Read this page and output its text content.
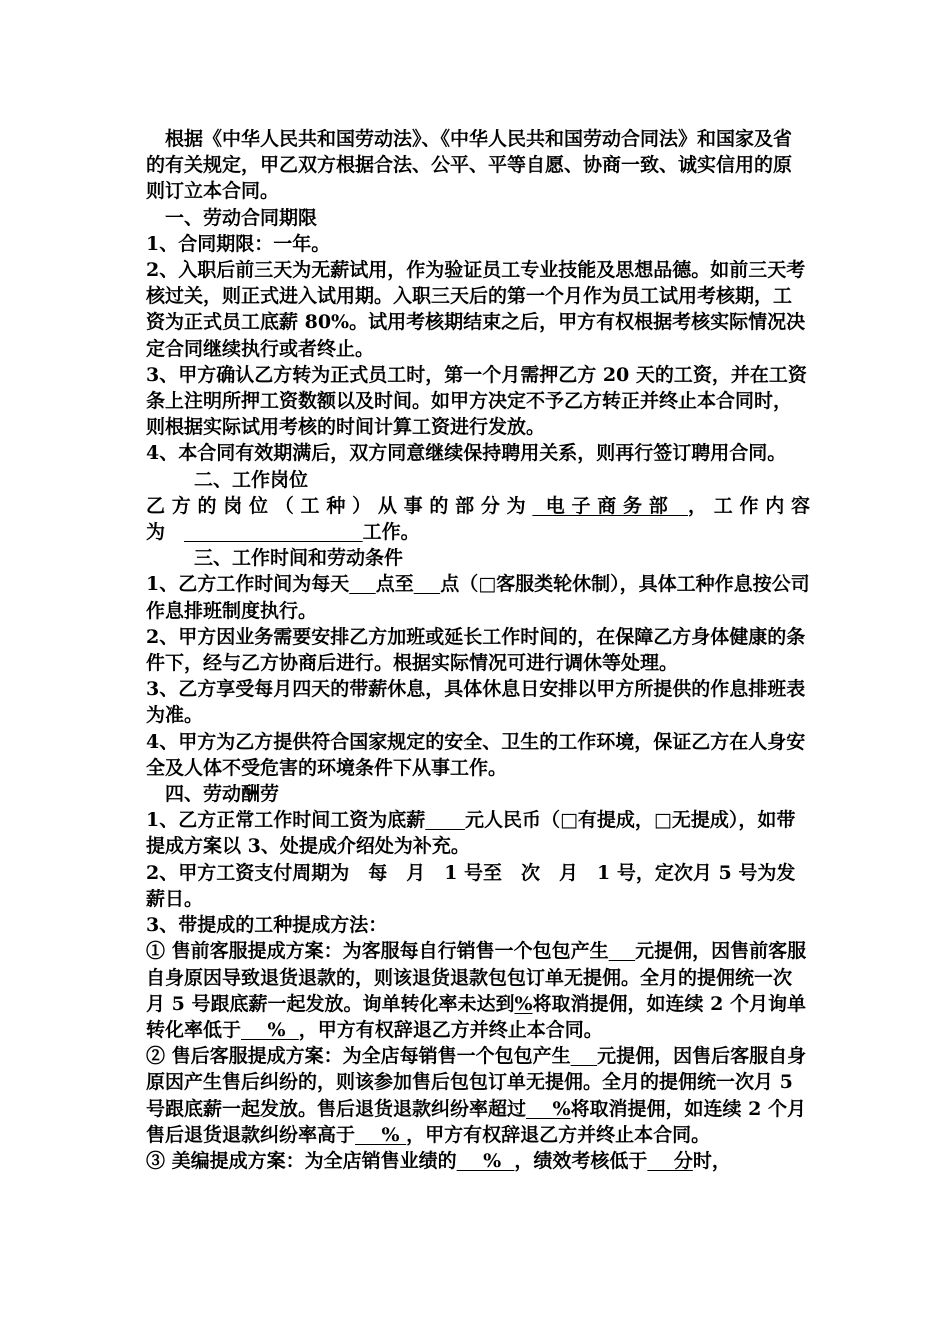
根据《中华人民共和国劳动法》、《中华人民共和国劳动合同法》和国家及省的有关规定，甲乙双方根据合法、公平、平等自愿、协商一致、诚实信用的原则订立本合同。

一、劳动合同期限

1、合同期限：一年。

2、入职后前三天为无薪试用，作为验证员工专业技能及思想品德。如前三天考核过关，则正式进入试用期。入职三天后的第一个月作为员工试用考核期，工资为正式员工底薪 80%。试用考核期结束之后，甲方有权根据考核实际情况决定合同继续执行或者终止。

3、甲方确认乙方转为正式员工时，第一个月需押乙方 20 天的工资，并在工资条上注明所押工资数额以及时间。如甲方决定不予乙方转正并终止本合同时，则根据实际试用考核的时间计算工资进行发放。

4、本合同有效期满后，双方同意继续保持聘用关系，则再行签订聘用合同。

二、工作岗位

乙方的岗位（工种）从事的部分为 电子商务部 ，工作内容

为 	工作。

三、工作时间和劳动条件

1、乙方工作时间为每天 点至 点（□客服类轮休制），具体工种作息按公司作息排班制度执行。

2、甲方因业务需要安排乙方加班或延长工作时间的，在保障乙方身体健康的条件下，经与乙方协商后进行。根据实际情况可进行调休等处理。

3、乙方享受每月四天的带薪休息，具体休息日安排以甲方所提供的作息排班表为准。

4、甲方为乙方提供符合国家规定的安全、卫生的工作环境，保证乙方在人身安全及人体不受危害的环境条件下从事工作。

四、劳动酬劳

1、乙方正常工作时间工资为底薪 元人民币（□有提成，□无提成），如带提成方案以 3、处提成介绍处为补充。

2、甲方工资支付周期为　每　月　1 号至　次　月　1 号，定次月 5 号为发薪日。

3、带提成的工种提成方法：

① 售前客服提成方案：为客服每自行销售一个包包产生 元提佣，因售前客服自身原因导致退货退款的，则该退货退款包包订单无提佣。全月的提佣统一次月 5 号跟底薪一起发放。询单转化率未达到%将取消提佣，如连续 2 个月询单转化率低于    %  ，甲方有权辞退乙方并终止本合同。

② 售后客服提成方案：为全店每销售一个包包产生 元提佣，因售后客服自身原因产生售后纠纷的，则该参加售后包包订单无提佣。全月的提佣统一次月 5 号跟底薪一起发放。售后退货退款纠纷率超过    %将取消提佣，如连续 2 个月售后退货退款纠纷率高于    % ，甲方有权辞退乙方并终止本合同。

③ 美编提成方案：为全店销售业绩的    %  ，绩效考核低于    分时，
